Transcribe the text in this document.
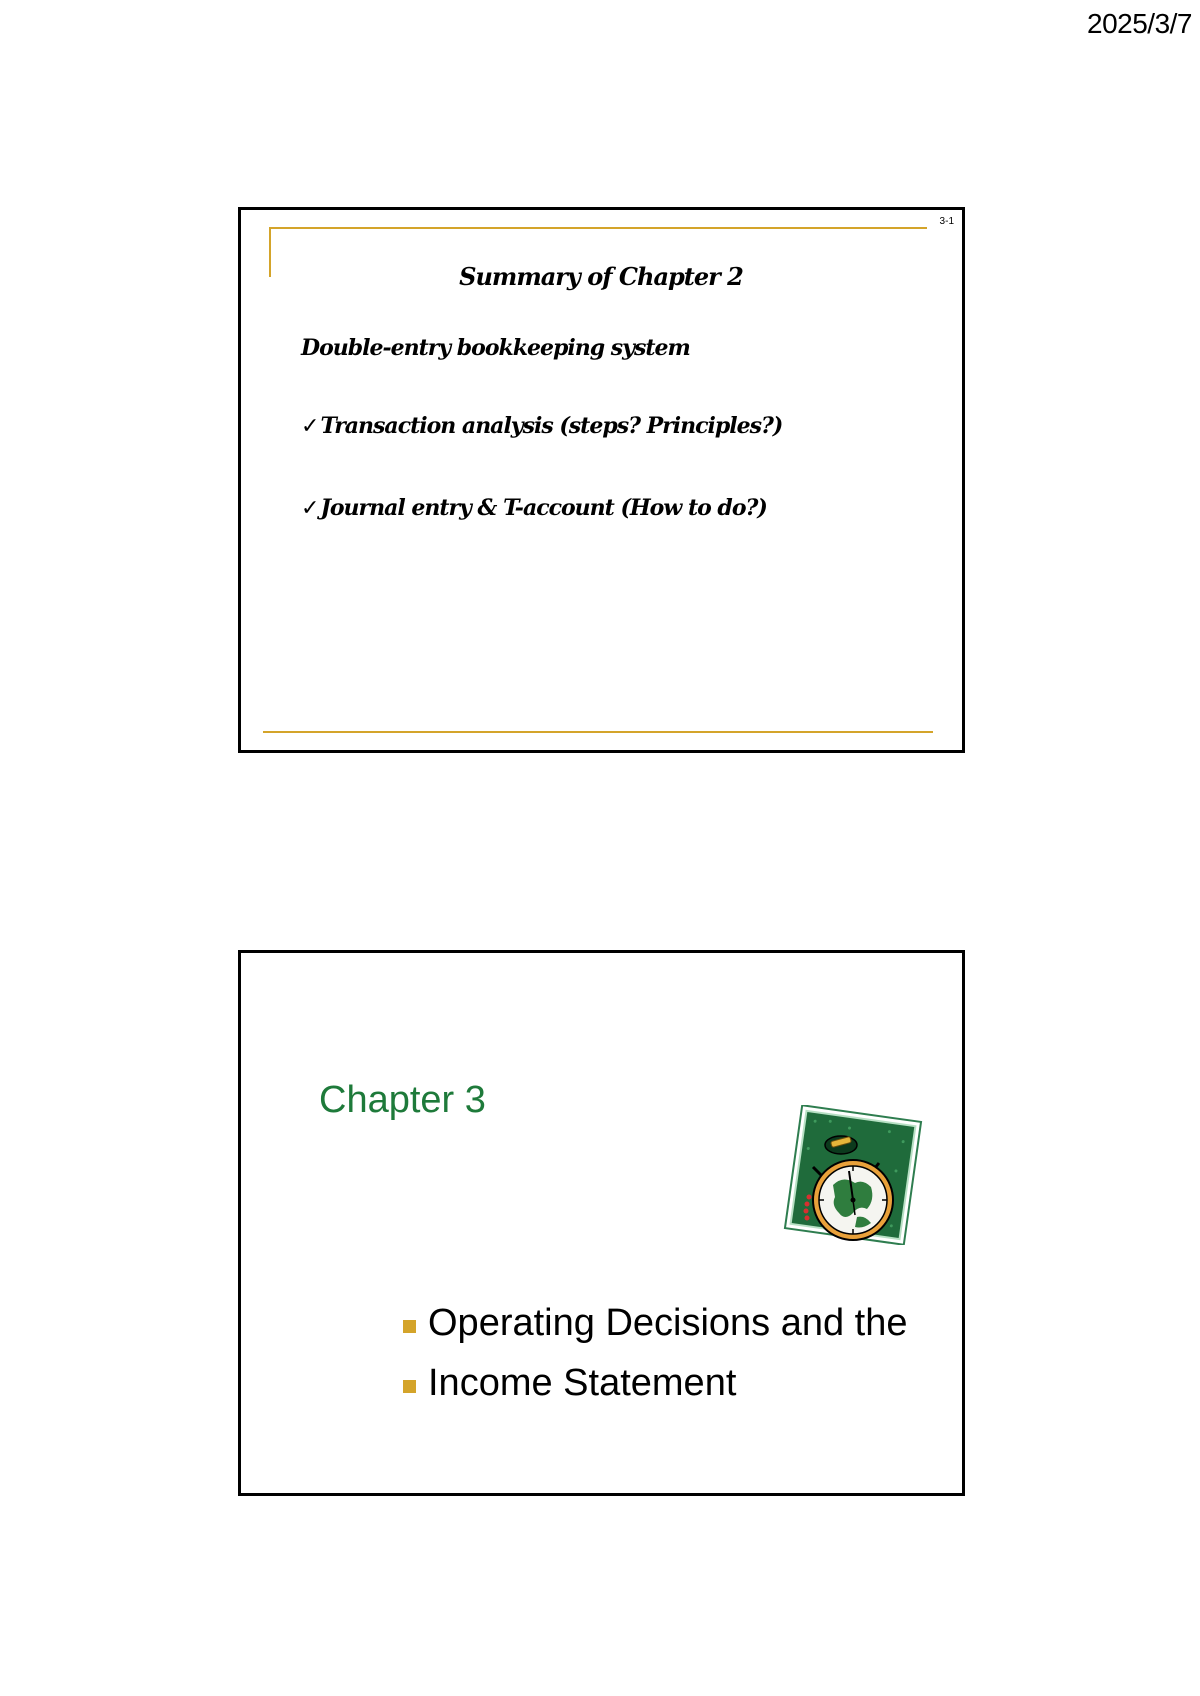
2025/3/7
3-1
Summary of Chapter 2
Double-entry bookkeeping system
✓Transaction analysis (steps? Principles?)
✓Journal entry & T-account (How to do?)
Chapter 3
Operating Decisions and the
Income Statement
